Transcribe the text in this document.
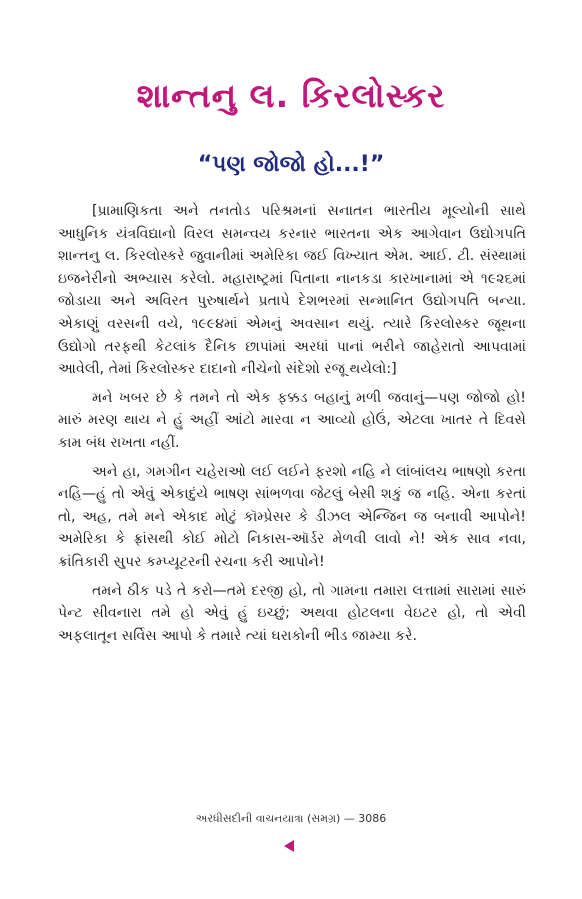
શાન્તનુ લ. કિરલોસ્કર
“પણ જોજો હો...!”

[પ્રામાણિકતા અને તનતોડ પરિશ્રમનાં સનાતન ભારતીય મૂલ્યોની સાથે આધુનિક યંત્રવિદ્યાનો વિરલ સમન્વય કરનાર ભારતના એક આગેવાન ઉદ્યોગપતિ શાન્તનુ લ. કિરલોસ્કરે જુવાનીમાં અમેરિકા જઈ વિખ્યાત એમ. આઈ. ટી. સંસ્થામાં ઇજનેરીનો અભ્યાસ કરેલો. મહારાષ્ટ્રમાં પિતાના નાનકડા કારખાનામાં એ ૧૯૨૬માં જોડાયા અને અવિરત પુરુષાર્થને પ્રતાપે દેશભરમાં સન્માનિત ઉદ્યોગપતિ બન્યા. એકાણું વરસની વયે, ૧૯૯૪માં એમનું અવસાન થયું. ત્યારે કિરલોસ્કર જૂથના ઉદ્યોગો તરફથી કેટલાંક દૈનિક છાપાંમાં અરધાં પાનાં ભરીને જાહેરાતો આપવામાં આવેલી, તેમાં કિરલોસ્કર દાદાનો નીચેનો સંદેશો રજૂ થયેલો:]

મને ખબર છે કે તમને તો એક ફક્કડ બહાનું મળી જવાનું—પણ જોજો હો! મારું મરણ થાય ને હું અહીં આંટો મારવા ન આવ્યો હોઉં, એટલા ખાતર તે દિવસે કામ બંધ રાખતા નહીં.

અને હા, ગમગીન ચહેરાઓ લઈ લઈને ફરશો નહિ ને લાંબાંલચ ભાષણો કરતા નહિ—હું તો એવું એકાદુંયે ભાષણ સાંભળવા જેટલું બેસી શકું જ નહિ. એના કરતાં તો, અહ, તમે મને એકાદ મોટું કૉમ્પ્રેસર કે ડીઝલ એન્જિન જ બનાવી આપોને! અમેરિકા કે ફ્રાંસથી કોઈ મોટો નિકાસ-ઑર્ડર મેળવી લાવો ને! એક સાવ નવા, ક્રાંતિકારી સુપર કમ્પ્યૂટરની રચના કરી આપોને!

તમને ઠીક પડે તે કરો—તમે દરજી હો, તો ગામના તમારા લત્તામાં સારામાં સારું પેન્ટ સીવનારા તમે હો એવું હું ઇચ્છું; અથવા હોટલના વેઇટર હો, તો એવી અફલાતૂન સર્વિસ આપો કે તમારે ત્યાં ઘરાકોની ભીડ જામ્યા કરે.

અરધીસદીની વાચનયાત્રા (સમગ્ર) — 3086
